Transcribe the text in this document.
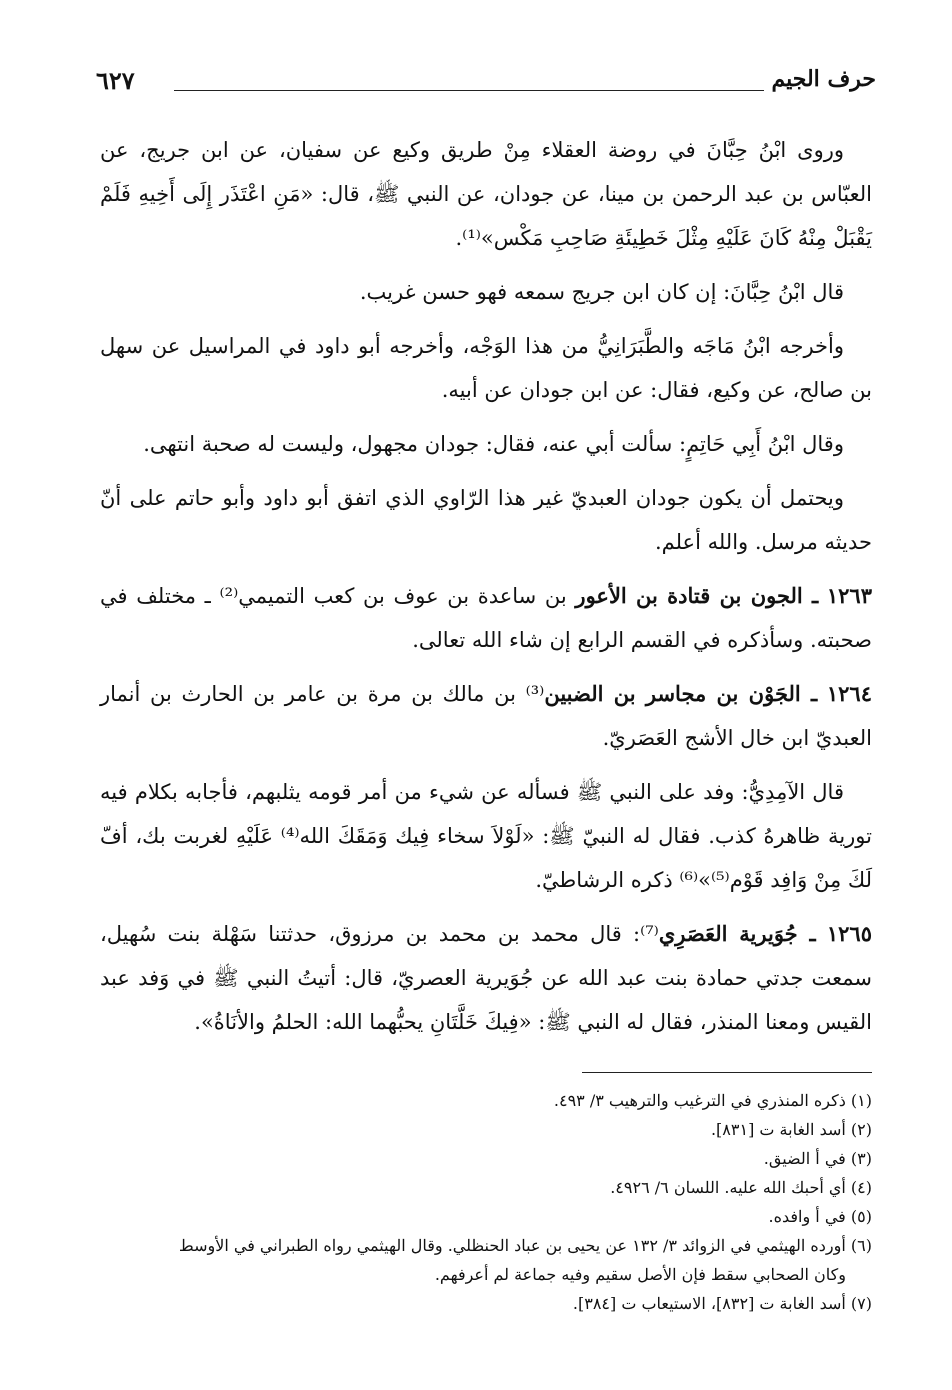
٦٢٧	حرف الجيم

وروى ابْنُ حِبَّانَ في روضة العقلاء مِنْ طريق وكيع عن سفيان، عن ابن جريج، عن العبّاس بن عبد الرحمن بن مينا، عن جودان، عن النبي ﷺ، قال: «مَنِ اعْتَذَر إِلَى أَخِيهِ فَلَمْ يَقْبَلْ مِنْهُ كَانَ عَلَيْهِ مِثْلَ خَطِيئَةِ صَاحِبِ مَكْس»⁽¹⁾.

قال ابْنُ حِبَّانَ: إن كان ابن جريج سمعه فهو حسن غريب.

وأخرجه ابْنُ مَاجَه والطَّبَرَانِيُّ من هذا الوَجْه، وأخرجه أبو داود في المراسيل عن سهل بن صالح، عن وكيع، فقال: عن ابن جودان عن أبيه.

وقال ابْنُ أَبِي حَاتِمٍ: سألت أبي عنه، فقال: جودان مجهول، وليست له صحبة انتهى.

ويحتمل أن يكون جودان العبديّ غير هذا الرّاوي الذي اتفق أبو داود وأبو حاتم على أنّ حديثه مرسل. والله أعلم.

١٢٦٣ ـ الجون بن قتادة بن الأعور بن ساعدة بن عوف بن كعب التميمي⁽²⁾ ـ مختلف في صحبته. وسأذكره في القسم الرابع إن شاء الله تعالى.

١٢٦٤ ـ الجَوْن بن مجاسر بن الضبين⁽³⁾ بن مالك بن مرة بن عامر بن الحارث بن أنمار العبديّ ابن خال الأشج العَصَريّ.

قال الآمِدِيُّ: وفد على النبي ﷺ فسأله عن شيء من أمر قومه يثلبهم، فأجابه بكلام فيه تورية ظاهرهُ كذب. فقال له النبيّ ﷺ: «لَوْلاَ سخاء فِيك وَمَقَكَ الله⁽⁴⁾ عَلَيْهِ لغربت بك، أفّ لَكَ مِنْ وَافِد قَوْم⁽⁵⁾»⁽⁶⁾ ذكره الرشاطيّ.

١٢٦٥ ـ جُوَيرية العَصَرِي⁽⁷⁾: قال محمد بن محمد بن مرزوق، حدثتنا سَهْلة بنت سُهيل، سمعت جدتي حمادة بنت عبد الله عن جُوَيرية العصريّ، قال: أتيتُ النبي ﷺ في وَفد عبد القيس ومعنا المنذر، فقال له النبي ﷺ: «فِيكَ خَلَّتَانِ يحبُّهما الله: الحلمُ والأنَاةُ».

(١) ذكره المنذري في الترغيب والترهيب ٣/ ٤٩٣.
(٢) أسد الغابة ت [٨٣١].
(٣) في أ الضيق.
(٤) أي أحبك الله عليه. اللسان ٦/ ٤٩٢٦.
(٥) في أ وافده.
(٦) أورده الهيثمي في الزوائد ٣/ ١٣٢ عن يحيى بن عباد الحنظلي. وقال الهيثمي رواه الطبراني في الأوسط
وكان الصحابي سقط فإن الأصل سقيم وفيه جماعة لم أعرفهم.
(٧) أسد الغابة ت [٨٣٢]، الاستيعاب ت [٣٨٤].
